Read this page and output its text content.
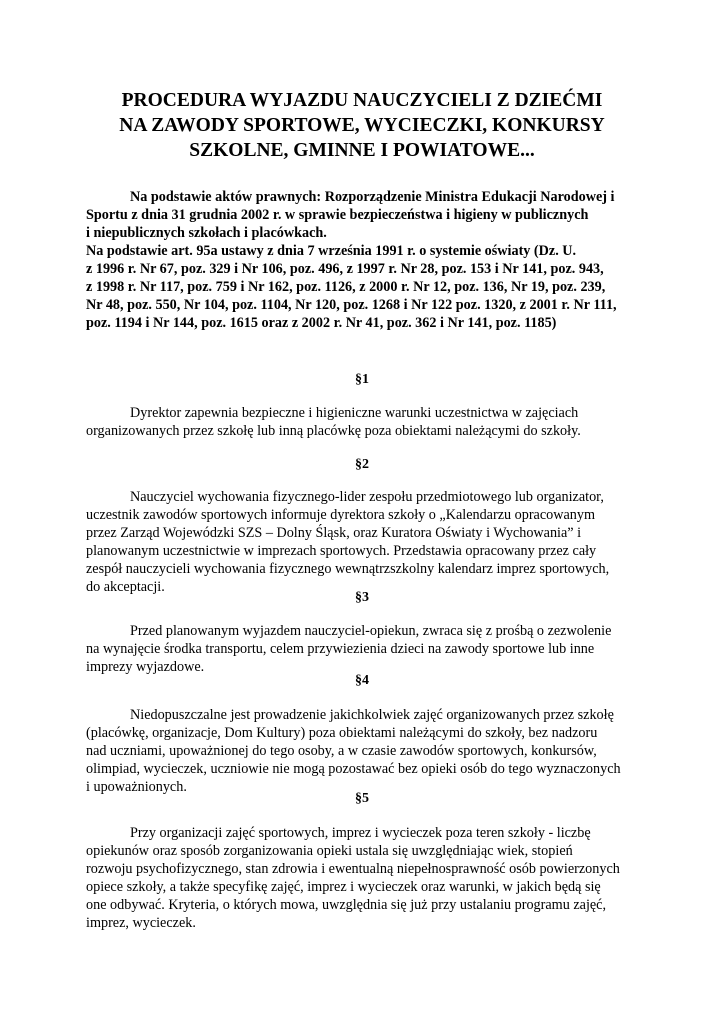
PROCEDURA WYJAZDU NAUCZYCIELI Z DZIEĆMI
NA ZAWODY SPORTOWE, WYCIECZKI, KONKURSY
SZKOLNE, GMINNE I POWIATOWE...
Na podstawie aktów prawnych: Rozporządzenie Ministra Edukacji Narodowej i
Sportu z dnia 31 grudnia 2002 r. w sprawie bezpieczeństwa i higieny w publicznych
i niepublicznych szkołach i placówkach.
Na podstawie art. 95a ustawy z dnia 7 września 1991 r. o systemie oświaty (Dz. U.
z 1996 r. Nr 67, poz. 329 i Nr 106, poz. 496, z 1997 r. Nr 28, poz. 153 i Nr 141, poz. 943,
z 1998 r. Nr 117, poz. 759 i Nr 162, poz. 1126, z 2000 r. Nr 12, poz. 136, Nr 19, poz. 239,
Nr 48, poz. 550, Nr 104, poz. 1104, Nr 120, poz. 1268 i Nr 122 poz. 1320, z 2001 r. Nr 111,
poz. 1194 i Nr 144, poz. 1615 oraz z 2002 r. Nr 41, poz. 362 i Nr 141, poz. 1185)
§1
Dyrektor zapewnia bezpieczne i higieniczne warunki uczestnictwa w zajęciach
organizowanych przez szkołę lub inną placówkę poza obiektami należącymi do szkoły.
§2
Nauczyciel wychowania fizycznego-lider zespołu przedmiotowego lub organizator,
uczestnik zawodów sportowych informuje dyrektora szkoły o „Kalendarzu opracowanym
przez Zarząd Wojewódzki SZS – Dolny Śląsk, oraz Kuratora Oświaty i Wychowania” i
planowanym uczestnictwie w imprezach sportowych. Przedstawia opracowany przez cały
zespół nauczycieli wychowania fizycznego wewnątrzszkolny kalendarz imprez sportowych,
do akceptacji.
§3
Przed planowanym wyjazdem nauczyciel-opiekun, zwraca się z prośbą o zezwolenie
na wynajęcie środka transportu, celem przywiezienia dzieci na zawody sportowe lub inne
imprezy wyjazdowe.
§4
Niedopuszczalne jest prowadzenie jakichkolwiek zajęć organizowanych przez szkołę
(placówkę, organizacje, Dom Kultury) poza obiektami należącymi do szkoły, bez nadzoru
nad uczniami, upoważnionej do tego osoby, a w czasie zawodów sportowych, konkursów,
olimpiad, wycieczek, uczniowie nie mogą pozostawać bez opieki osób do tego wyznaczonych
i upoważnionych.
§5
Przy organizacji zajęć sportowych, imprez i wycieczek poza teren szkoły - liczbę
opiekunów oraz sposób zorganizowania opieki ustala się uwzględniając wiek, stopień
rozwoju psychofizycznego, stan zdrowia i ewentualną niepełnosprawność osób powierzonych
opiece szkoły, a także specyfikę zajęć, imprez i wycieczek oraz warunki, w jakich będą się
one odbywać. Kryteria, o których mowa, uwzględnia się już przy ustalaniu programu zajęć,
imprez, wycieczek.
